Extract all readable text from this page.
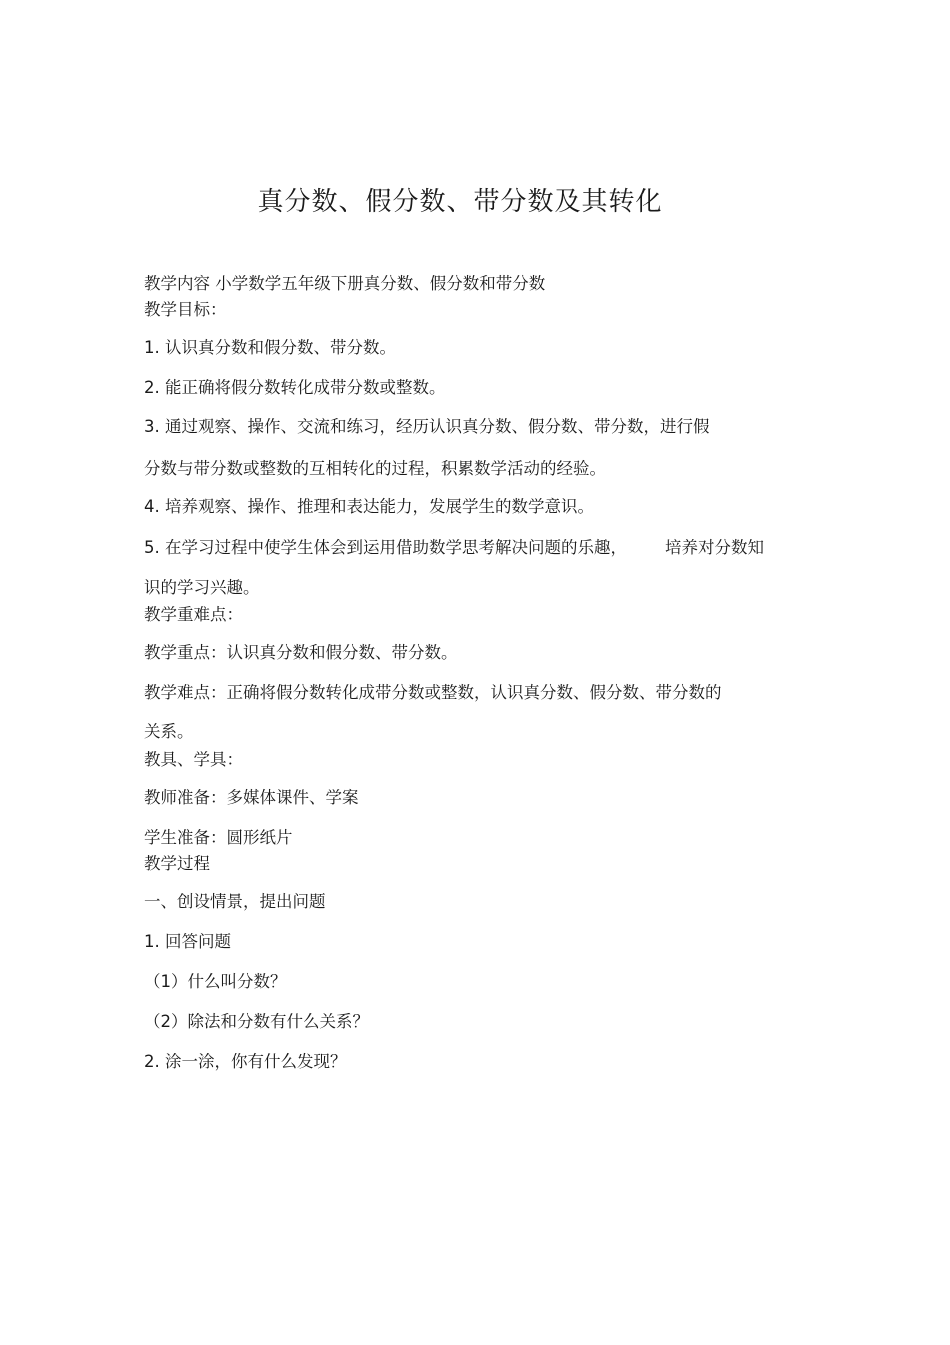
真分数、假分数、带分数及其转化
教学内容 小学数学五年级下册真分数、假分数和带分数
教学目标：
1. 认识真分数和假分数、带分数。
2. 能正确将假分数转化成带分数或整数。
3. 通过观察、操作、交流和练习，经历认识真分数、假分数、带分数，进行假
分数与带分数或整数的互相转化的过程，积累数学活动的经验。
4. 培养观察、操作、推理和表达能力，发展学生的数学意识。
5. 在学习过程中使学生体会到运用借助数学思考解决问题的乐趣， 培养对分数知
识的学习兴趣。
教学重难点：
教学重点：认识真分数和假分数、带分数。
教学难点：正确将假分数转化成带分数或整数，认识真分数、假分数、带分数的
关系。
教具、学具：
教师准备：多媒体课件、学案
学生准备：圆形纸片
教学过程
一、创设情景，提出问题
1. 回答问题
（1）什么叫分数？
（2）除法和分数有什么关系？
2. 涂一涂，你有什么发现？
